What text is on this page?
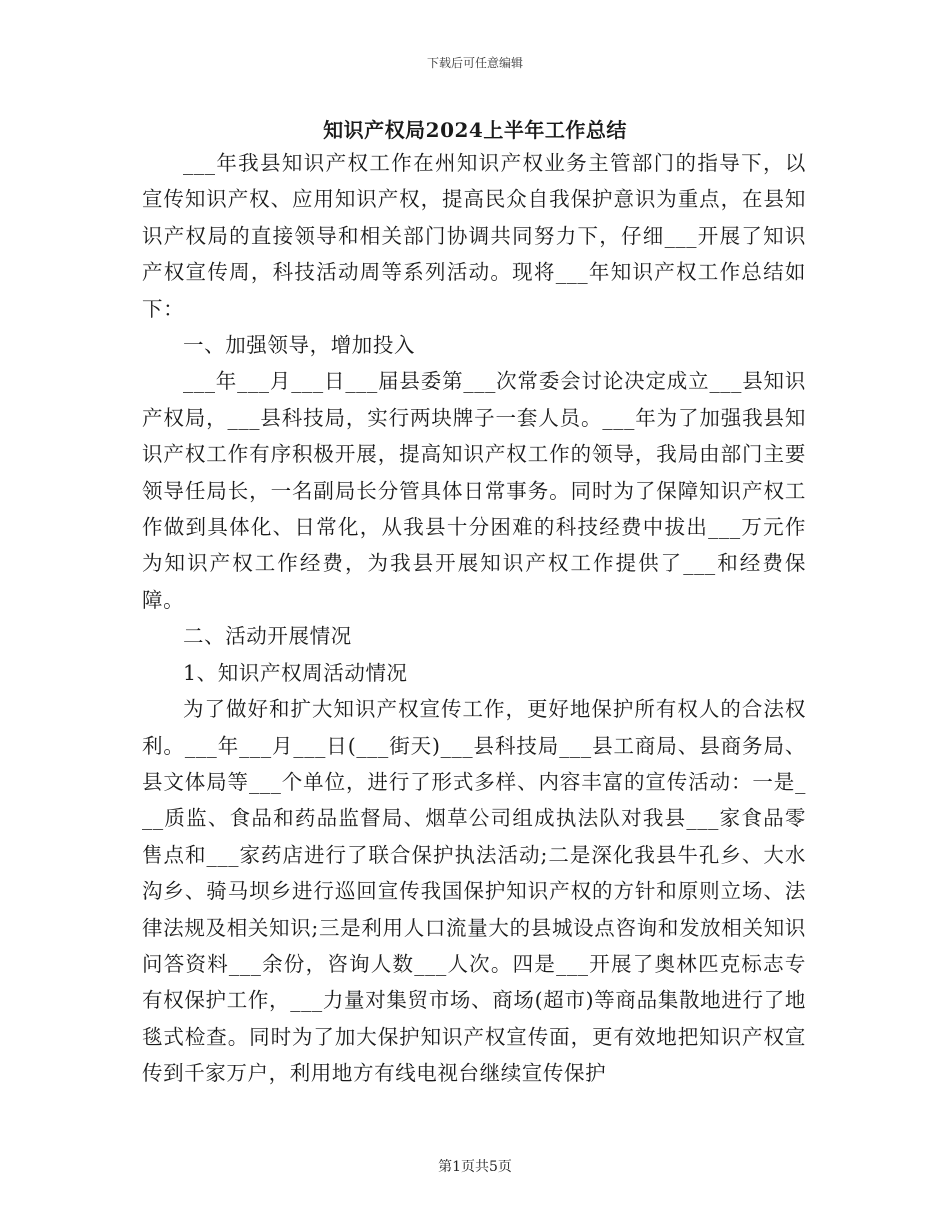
下载后可任意编辑
知识产权局2024上半年工作总结

___年我县知识产权工作在州知识产权业务主管部门的指导下，以宣传知识产权、应用知识产权，提高民众自我保护意识为重点，在县知识产权局的直接领导和相关部门协调共同努力下，仔细___开展了知识产权宣传周，科技活动周等系列活动。现将___年知识产权工作总结如下：

一、加强领导，增加投入

___年___月___日___届县委第___次常委会讨论决定成立___县知识产权局，___县科技局，实行两块牌子一套人员。___年为了加强我县知识产权工作有序积极开展，提高知识产权工作的领导，我局由部门主要领导任局长，一名副局长分管具体日常事务。同时为了保障知识产权工作做到具体化、日常化，从我县十分困难的科技经费中拔出___万元作为知识产权工作经费，为我县开展知识产权工作提供了___和经费保障。

二、活动开展情况

1、知识产权周活动情况

为了做好和扩大知识产权宣传工作，更好地保护所有权人的合法权利。___年___月___日(___街天)___县科技局___县工商局、县商务局、县文体局等___个单位，进行了形式多样、内容丰富的宣传活动：一是___质监、食品和药品监督局、烟草公司组成执法队对我县___家食品零售点和___家药店进行了联合保护执法活动;二是深化我县牛孔乡、大水沟乡、骑马坝乡进行巡回宣传我国保护知识产权的方针和原则立场、法律法规及相关知识;三是利用人口流量大的县城设点咨询和发放相关知识问答资料___余份，咨询人数___人次。四是___开展了奥林匹克标志专有权保护工作，___力量对集贸市场、商场(超市)等商品集散地进行了地毯式检查。同时为了加大保护知识产权宣传面，更有效地把知识产权宣传到千家万户，利用地方有线电视台继续宣传保护

第1页共5页
